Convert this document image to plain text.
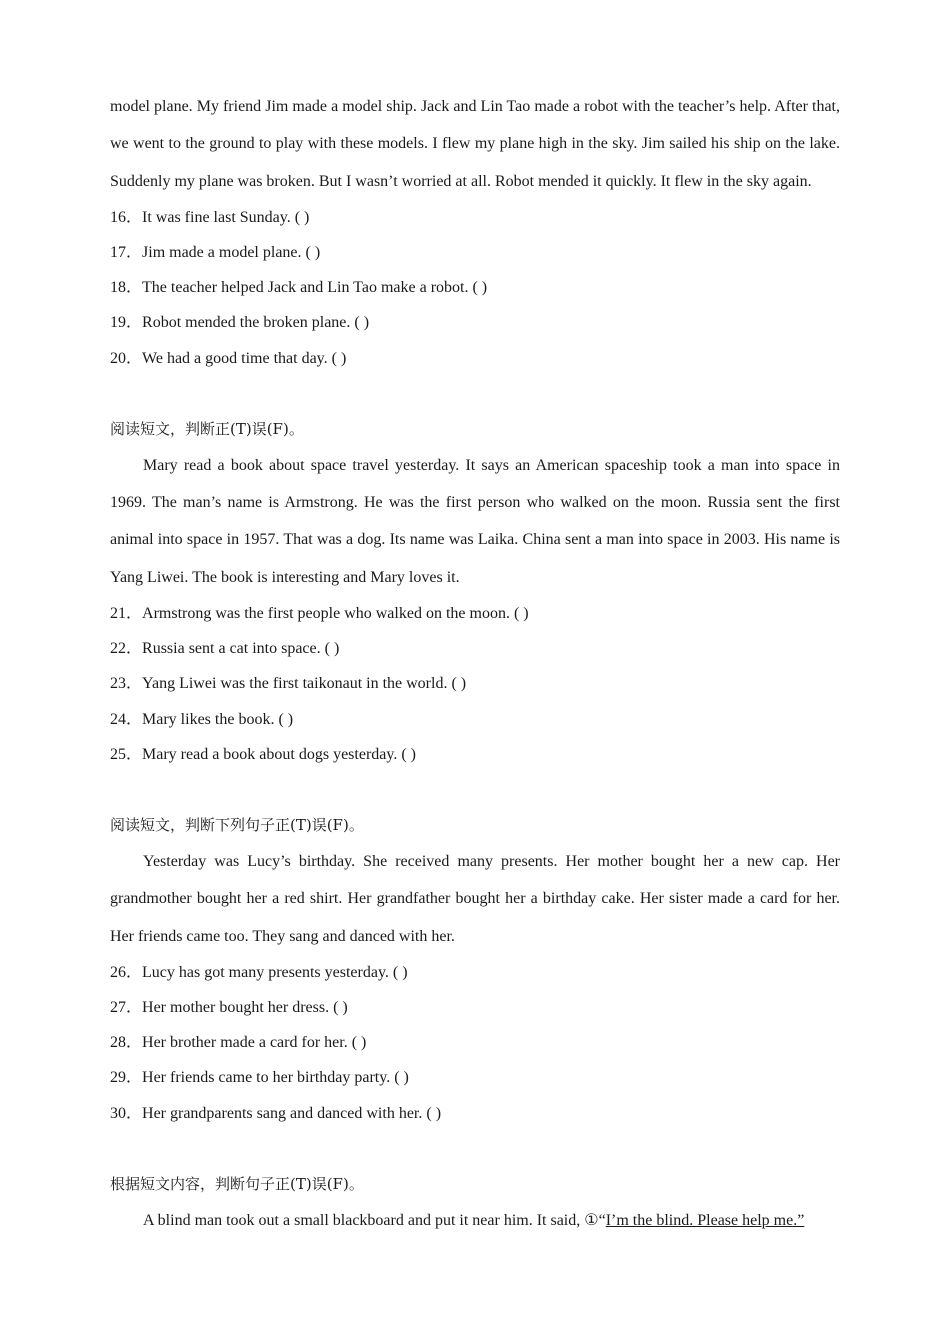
model plane. My friend Jim made a model ship. Jack and Lin Tao made a robot with the teacher’s help. After that, we went to the ground to play with these models. I flew my plane high in the sky. Jim sailed his ship on the lake. Suddenly my plane was broken. But I wasn’t worried at all. Robot mended it quickly. It flew in the sky again.

16．It was fine last Sunday. ( )

17．Jim made a model plane. ( )

18．The teacher helped Jack and Lin Tao make a robot. ( )

19．Robot mended the broken plane. ( )

20．We had a good time that day. ( )

阅读短文，判断正(T)误(F)。

Mary read a book about space travel yesterday. It says an American spaceship took a man into space in 1969. The man’s name is Armstrong. He was the first person who walked on the moon. Russia sent the first animal into space in 1957. That was a dog. Its name was Laika. China sent a man into space in 2003. His name is Yang Liwei. The book is interesting and Mary loves it.

21．Armstrong was the first people who walked on the moon. ( )

22．Russia sent a cat into space. ( )

23．Yang Liwei was the first taikonaut in the world. ( )

24．Mary likes the book. ( )

25．Mary read a book about dogs yesterday. ( )

阅读短文，判断下列句子正(T)误(F)。

Yesterday was Lucy’s birthday. She received many presents. Her mother bought her a new cap. Her grandmother bought her a red shirt. Her grandfather bought her a birthday cake. Her sister made a card for her. Her friends came too. They sang and danced with her.

26．Lucy has got many presents yesterday. ( )

27．Her mother bought her dress. ( )

28．Her brother made a card for her. ( )

29．Her friends came to her birthday party. ( )

30．Her grandparents sang and danced with her. ( )

根据短文内容，判断句子正(T)误(F)。

A blind man took out a small blackboard and put it near him. It said, ①“I’m the blind. Please help me.”
